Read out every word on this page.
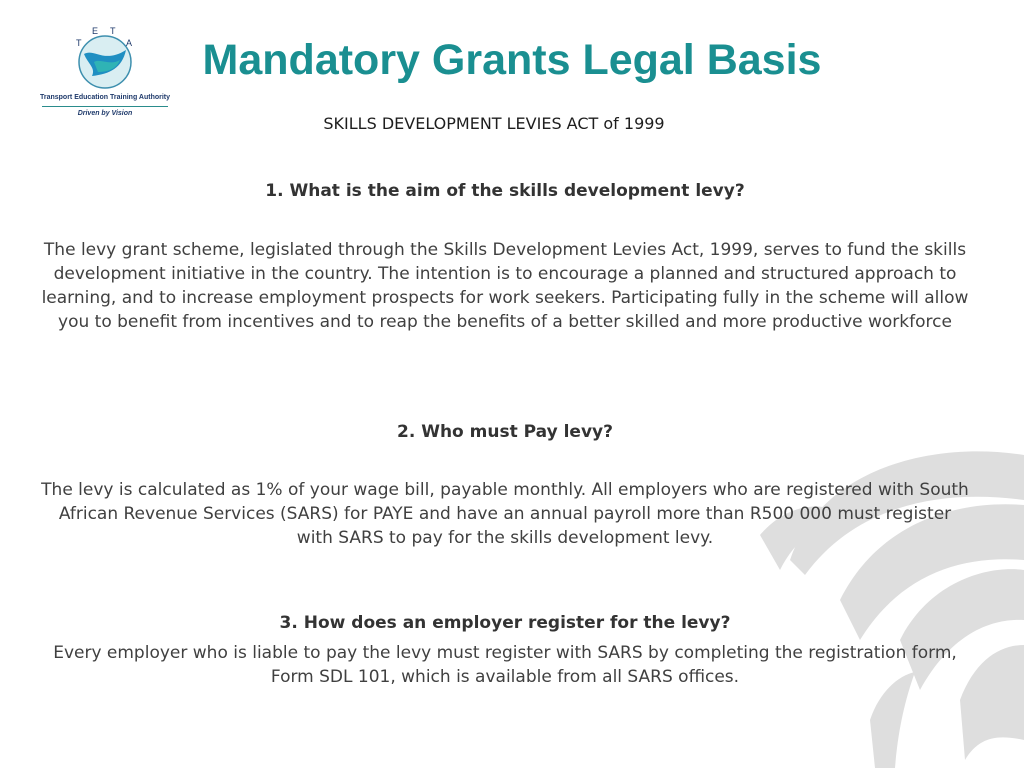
T
E T
A
Transport Education Training Authority
Driven by Vision
Mandatory Grants Legal Basis
SKILLS DEVELOPMENT LEVIES ACT of 1999
1. What is the aim of the skills development levy?

The levy grant scheme, legislated through the Skills Development Levies Act, 1999, serves to fund the skills development initiative in the country. The intention is to encourage a planned and structured approach to learning, and to increase employment prospects for work seekers. Participating fully in the scheme will allow you to benefit from incentives and to reap the benefits of a better skilled and more productive workforce

2. Who must Pay levy?

The levy is calculated as 1% of your wage bill, payable monthly. All employers who are registered with South African Revenue Services (SARS) for PAYE and have an annual payroll more than R500 000 must register with SARS to pay for the skills development levy.

3. How does an employer register for the levy?

Every employer who is liable to pay the levy must register with SARS by completing the registration form, Form SDL 101, which is available from all SARS offices.
